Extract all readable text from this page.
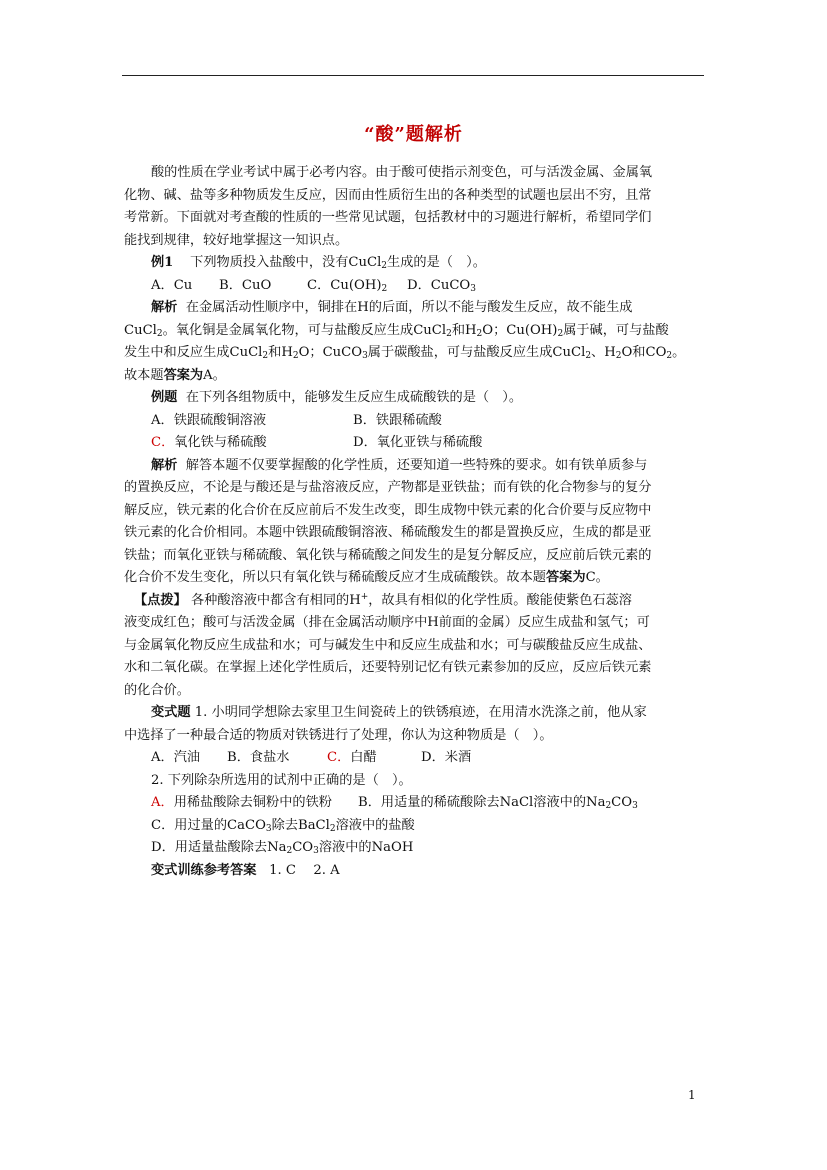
“酸”题解析

酸的性质在学业考试中属于必考内容。由于酸可使指示剂变色，可与活泼金属、金属氧

化物、碱、盐等多种物质发生反应，因而由性质衍生出的各种类型的试题也层出不穷，且常

考常新。下面就对考查酸的性质的一些常见试题，包括教材中的习题进行解析，希望同学们

能找到规律，较好地掌握这一知识点。

例1 下列物质投入盐酸中，没有CuCl$_2$生成的是（　）。

A．Cu B．CuO	C．$Cu(OH)_2$ D．CuCO$_3$

解析 在金属活动性顺序中，铜排在H的后面，所以不能与酸发生反应，故不能生成

CuCl$_2$。氧化铜是金属氧化物，可与盐酸反应生成CuCl$_2$和$H_2O$；$Cu(OH)_2$属于碱，可与盐酸

发生中和反应生成CuCl$_2$和$H_2O$；CuCO$_3$属于碳酸盐，可与盐酸反应生成CuCl$_2$、$H_2O$和$CO_2$。

故本题答案为A。

例题 在下列各组物质中，能够发生反应生成硫酸铁的是（　）。

A．铁跟硫酸铜溶液	B．铁跟稀硫酸

C．氧化铁与稀硫酸	D．氧化亚铁与稀硫酸

解析 解答本题不仅要掌握酸的化学性质，还要知道一些特殊的要求。如有铁单质参与

的置换反应，不论是与酸还是与盐溶液反应，产物都是亚铁盐；而有铁的化合物参与的复分

解反应，铁元素的化合价在反应前后不发生改变，即生成物中铁元素的化合价要与反应物中

铁元素的化合价相同。本题中铁跟硫酸铜溶液、稀硫酸发生的都是置换反应，生成的都是亚

铁盐；而氧化亚铁与稀硫酸、氧化铁与稀硫酸之间发生的是复分解反应，反应前后铁元素的

化合价不发生变化，所以只有氧化铁与稀硫酸反应才生成硫酸铁。故本题答案为C。

【点拨】 各种酸溶液中都含有相同的H+，故具有相似的化学性质。酸能使紫色石蕊溶

液变成红色；酸可与活泼金属（排在金属活动顺序中H前面的金属）反应生成盐和氢气；可

与金属氧化物反应生成盐和水；可与碱发生中和反应生成盐和水；可与碳酸盐反应生成盐、

水和二氧化碳。在掌握上述化学性质后，还要特别记忆有铁元素参加的反应，反应后铁元素

的化合价。

变式题 1. 小明同学想除去家里卫生间瓷砖上的铁锈痕迹，在用清水洗涤之前，他从家

中选择了一种最合适的物质对铁锈进行了处理，你认为这种物质是（　）。

A．汽油 B．食盐水	C．白醋	D．米酒

2. 下列除杂所选用的试剂中正确的是（　）。

A．用稀盐酸除去铜粉中的铁粉 B．用适量的稀硫酸除去NaCl溶液中的$Na_2CO_3$

C．用过量的CaCO$_3$除去BaCl$_2$溶液中的盐酸

D．用适量盐酸除去$Na_2CO_3$溶液中的NaOH

变式训练参考答案 1. C　 2. A

1
